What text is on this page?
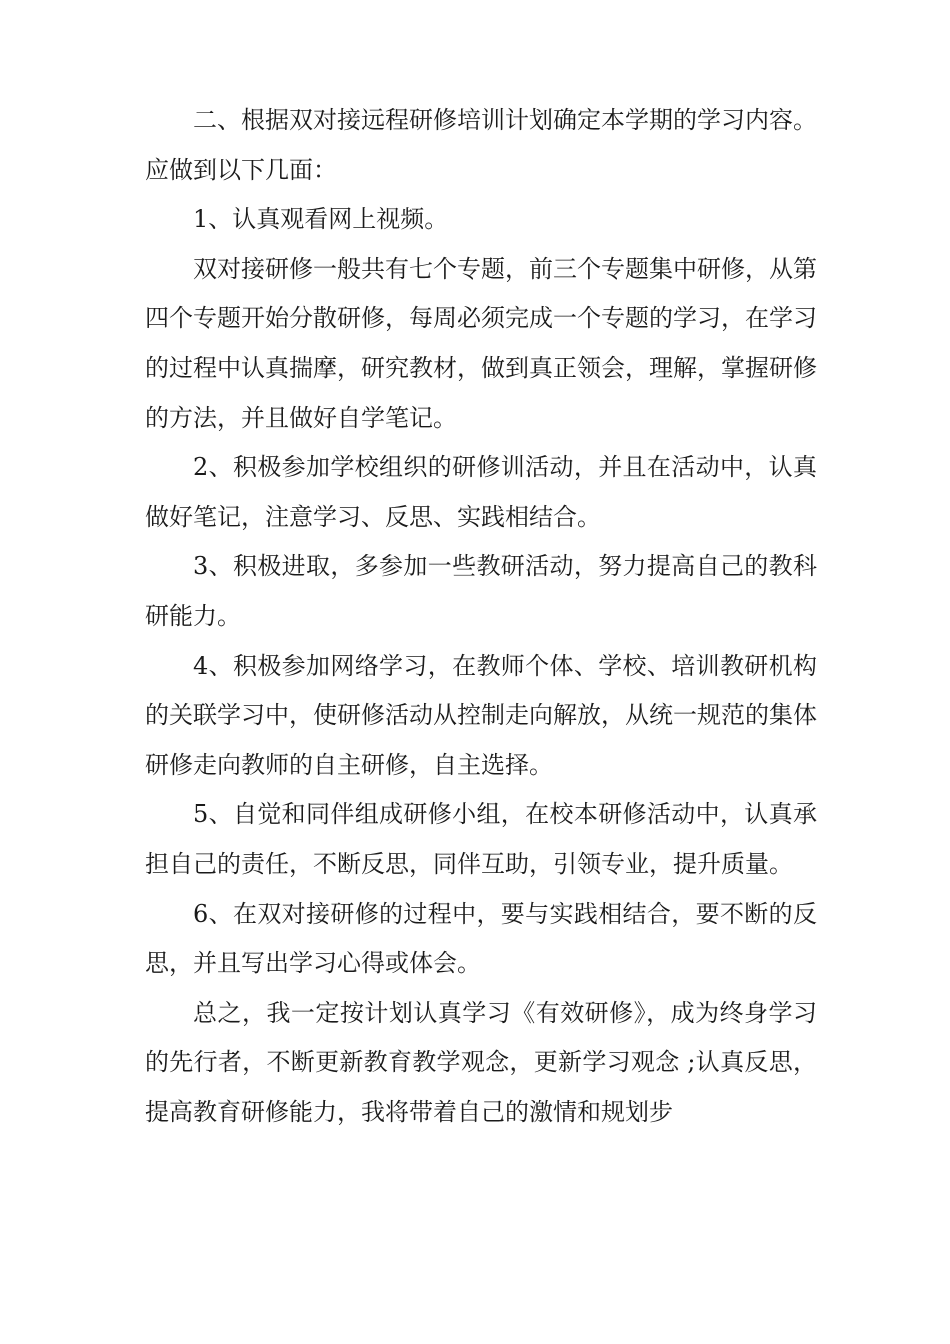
二、根据双对接远程研修培训计划确定本学期的学习内容。应做到以下几面：

1、认真观看网上视频。

双对接研修一般共有七个专题，前三个专题集中研修，从第四个专题开始分散研修，每周必须完成一个专题的学习，在学习的过程中认真揣摩，研究教材，做到真正领会，理解，掌握研修的方法，并且做好自学笔记。

2、积极参加学校组织的研修训活动，并且在活动中，认真做好笔记，注意学习、反思、实践相结合。

3、积极进取，多参加一些教研活动，努力提高自己的教科研能力。

4、积极参加网络学习，在教师个体、学校、培训教研机构的关联学习中，使研修活动从控制走向解放，从统一规范的集体研修走向教师的自主研修，自主选择。

5、自觉和同伴组成研修小组，在校本研修活动中，认真承担自己的责任，不断反思，同伴互助，引领专业，提升质量。

6、在双对接研修的过程中，要与实践相结合，要不断的反思，并且写出学习心得或体会。

总之，我一定按计划认真学习《有效研修》，成为终身学习的先行者，不断更新教育教学观念，更新学习观念 ;认真反思，提高教育研修能力，我将带着自己的激情和规划步
